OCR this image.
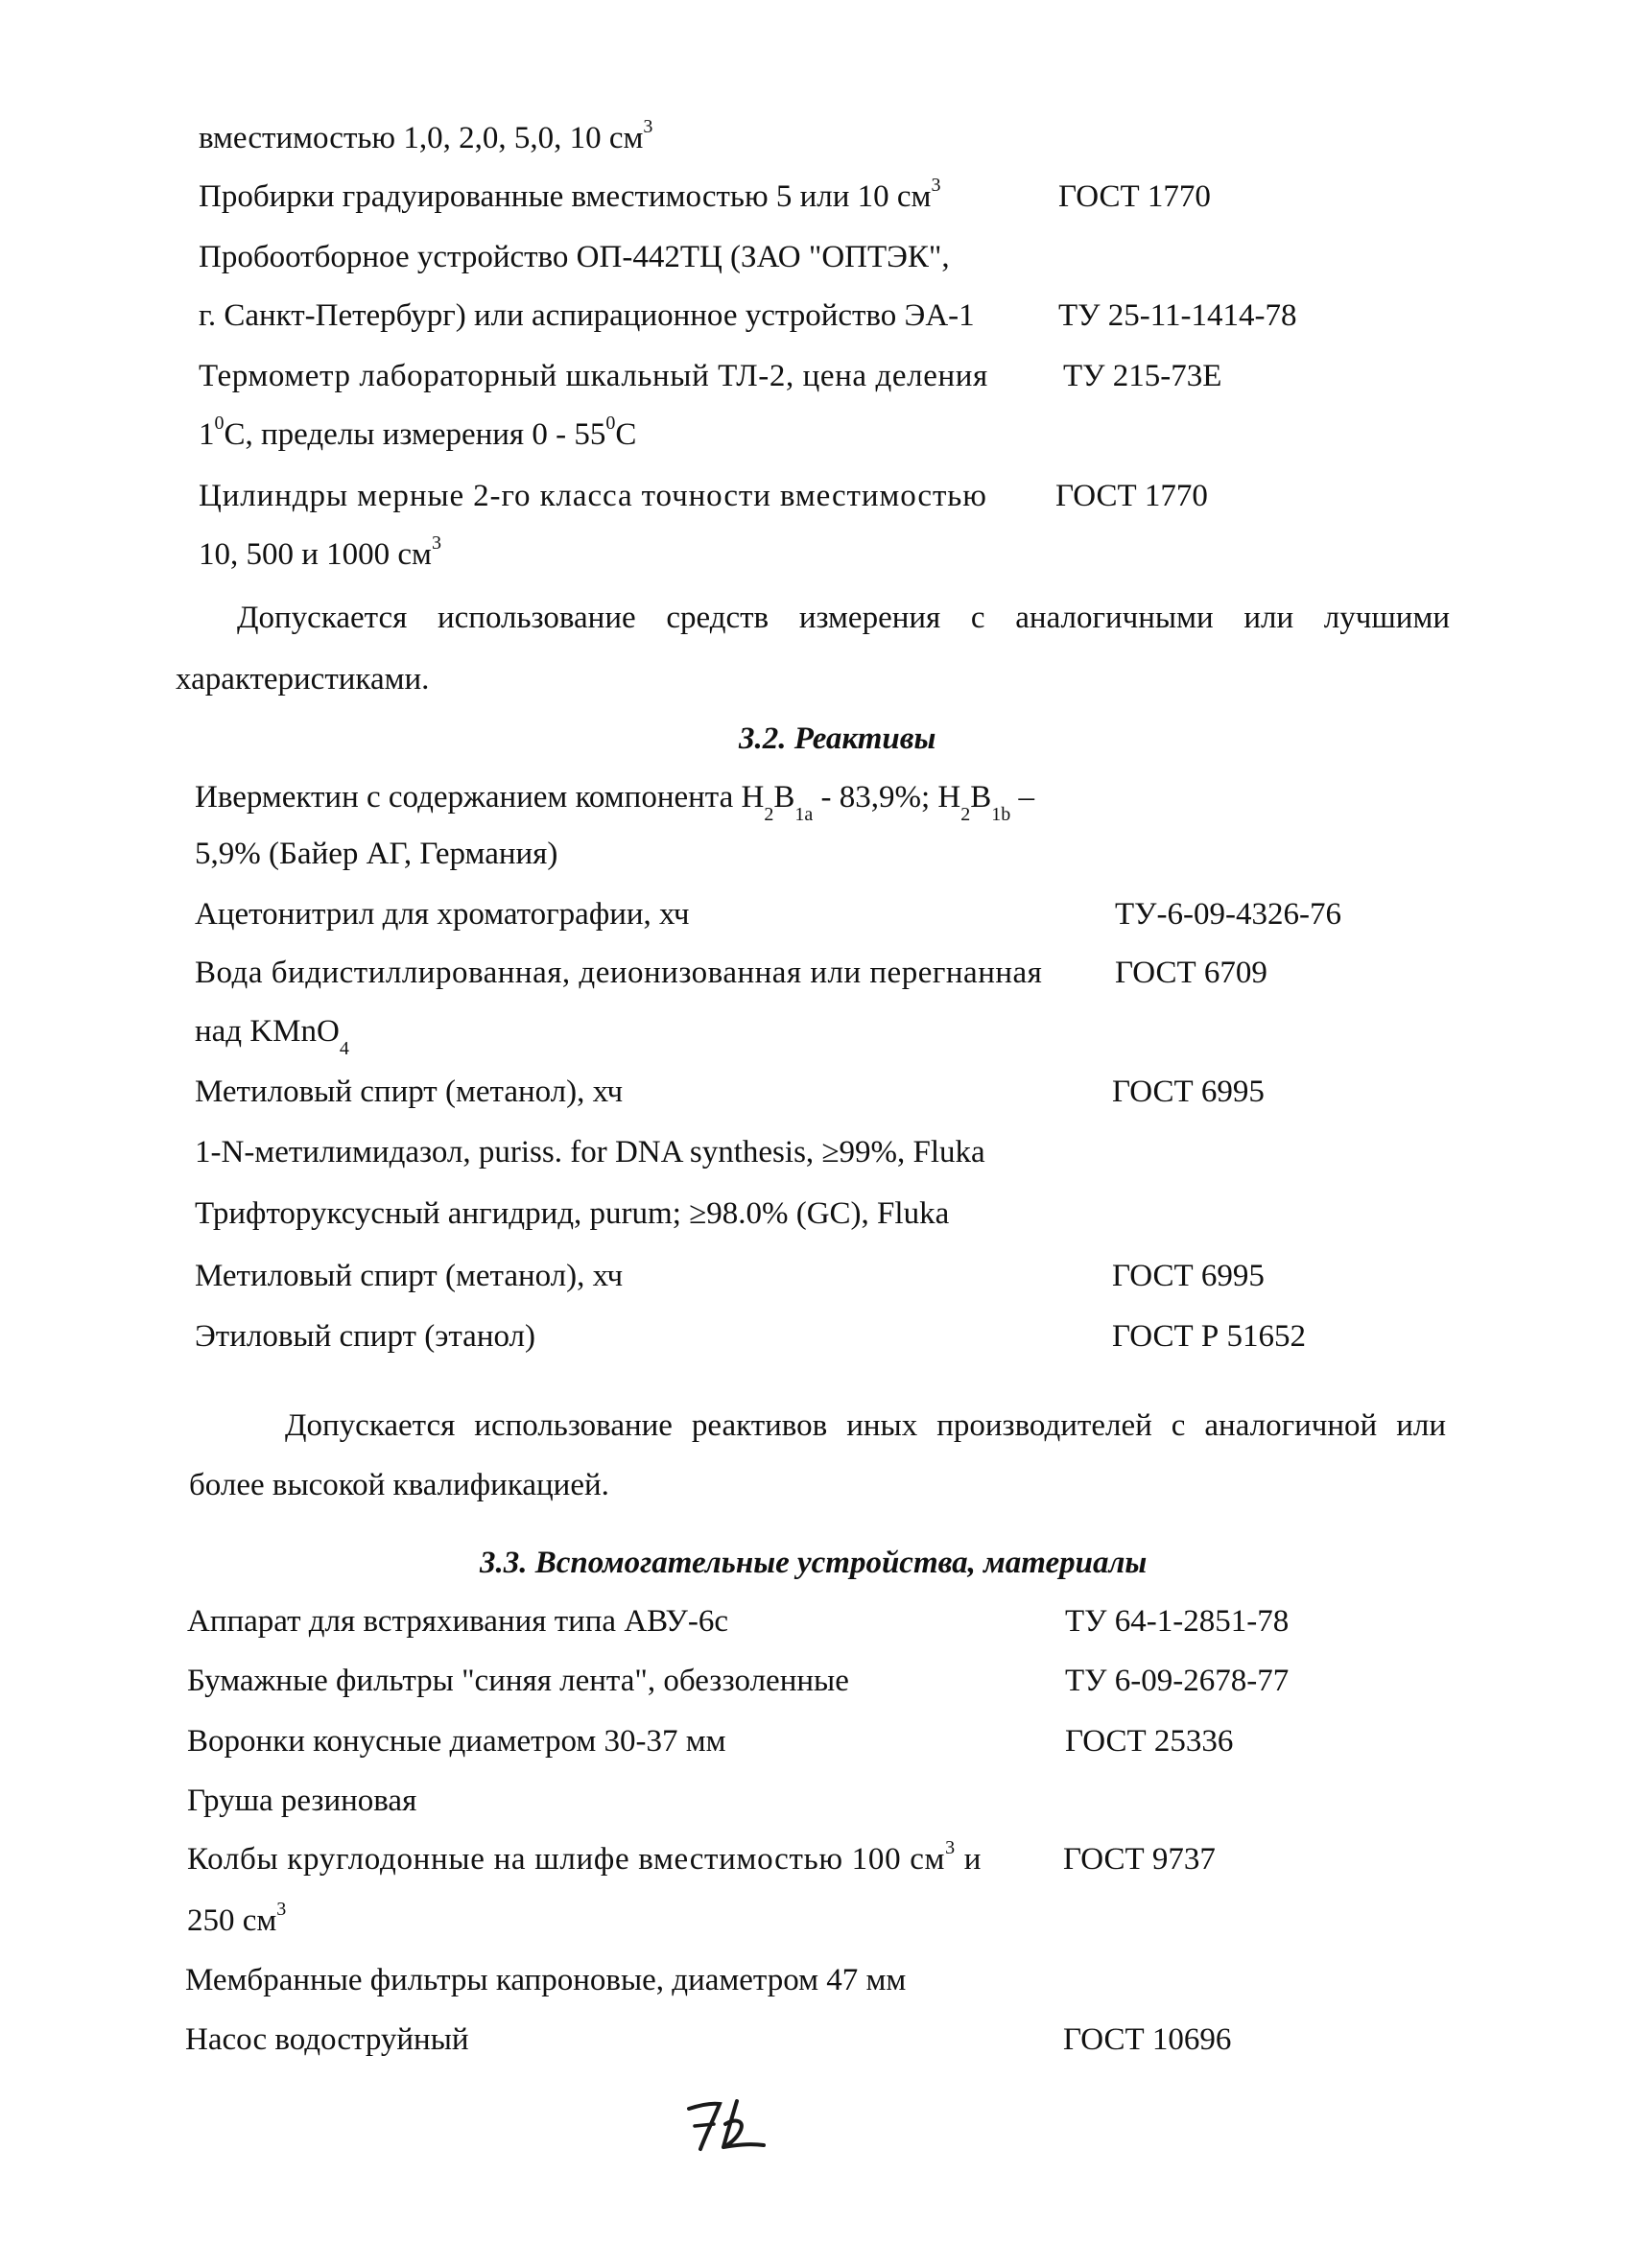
вместимостью 1,0, 2,0, 5,0, 10 $см^3$
Пробирки градуированные вместимостью 5 или 10 $см^3$	ГОСТ 1770
Пробоотборное устройство ОП-442ТЦ (ЗАО "ОПТЭК",
г. Санкт-Петербург) или аспирационное устройство ЭА-1	ТУ 25-11-1414-78
Термометр лабораторный шкальный ТЛ-2, цена деления ТУ 215-73Е
$1^0С$, пределы измерения $0 - 55^0С$
Цилиндры мерные 2-го класса точности вместимостью ГОСТ 1770
10, 500 и 1000 $см^3$
Допускается использование средств измерения с аналогичными или лучшими
характеристиками.
3.2. Реактивы
Ивермектин с содержанием компонента $H_2B_{1a} - 83,9\%$; $H_2B_{1b}$ –
5,9% (Байер АГ, Германия)
Ацетонитрил для хроматографии, хч	ТУ-6-09-4326-76
Вода бидистиллированная, деионизованная или перегнанная ГОСТ 6709
над KMnO$_4$
Метиловый спирт (метанол), хч	ГОСТ 6995
1-N-метилимидазол, puriss. for DNA synthesis, ≥99%, Fluka
Трифторуксусный ангидрид, purum; ≥98.0% (GC), Fluka
Метиловый спирт (метанол), хч	ГОСТ 6995
Этиловый спирт (этанол)	ГОСТ Р 51652
Допускается использование реактивов иных производителей с аналогичной или
более высокой квалификацией.
3.3. Вспомогательные устройства, материалы
Аппарат для встряхивания типа АВУ-6с	ТУ 64-1-2851-78
Бумажные фильтры "синяя лента", обеззоленные	ТУ 6-09-2678-77
Воронки конусные диаметром 30-37 мм	ГОСТ 25336
Груша резиновая
Колбы круглодонные на шлифе вместимостью 100 $см^3$ и	ГОСТ 9737
250 $см^3$
Мембранные фильтры капроновые, диаметром 47 мм
Насос водоструйный	ГОСТ 10696
